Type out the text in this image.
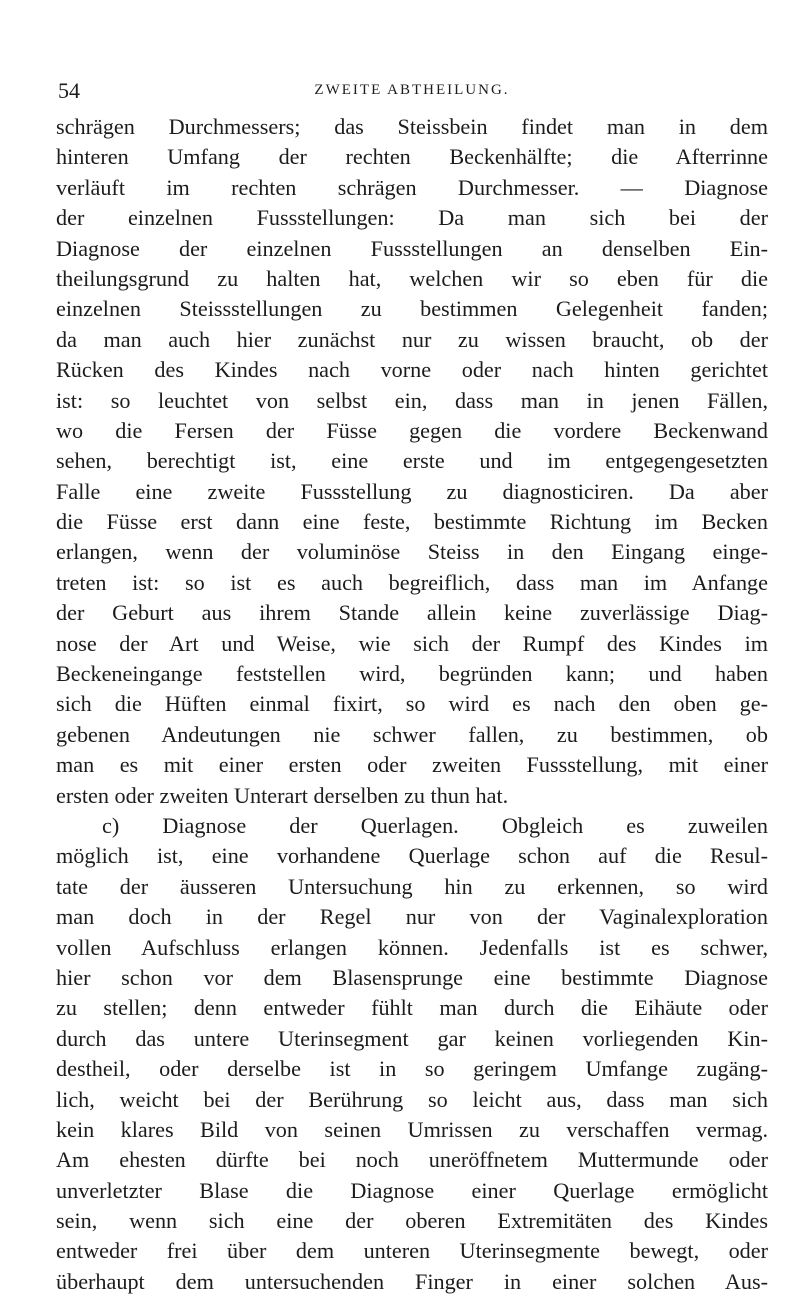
54	ZWEITE ABTHEILUNG.
schrägen Durchmessers; das Steissbein findet man in dem
hinteren Umfang der rechten Beckenhälfte; die Afterrinne
verläuft im rechten schrägen Durchmesser. — Diagnose
der einzelnen Fussstellungen: Da man sich bei der
Diagnose der einzelnen Fussstellungen an denselben Ein-
theilungsgrund zu halten hat, welchen wir so eben für die
einzelnen Steissstellungen zu bestimmen Gelegenheit fanden;
da man auch hier zunächst nur zu wissen braucht, ob der
Rücken des Kindes nach vorne oder nach hinten gerichtet
ist: so leuchtet von selbst ein, dass man in jenen Fällen,
wo die Fersen der Füsse gegen die vordere Beckenwand
sehen, berechtigt ist, eine erste und im entgegengesetzten
Falle eine zweite Fussstellung zu diagnosticiren. Da aber
die Füsse erst dann eine feste, bestimmte Richtung im Becken
erlangen, wenn der voluminöse Steiss in den Eingang einge-
treten ist: so ist es auch begreiflich, dass man im Anfange
der Geburt aus ihrem Stande allein keine zuverlässige Diag-
nose der Art und Weise, wie sich der Rumpf des Kindes im
Beckeneingange feststellen wird, begründen kann; und haben
sich die Hüften einmal fixirt, so wird es nach den oben ge-
gebenen Andeutungen nie schwer fallen, zu bestimmen, ob
man es mit einer ersten oder zweiten Fussstellung, mit einer
ersten oder zweiten Unterart derselben zu thun hat.
c) Diagnose der Querlagen. Obgleich es zuweilen
möglich ist, eine vorhandene Querlage schon auf die Resul-
tate der äusseren Untersuchung hin zu erkennen, so wird
man doch in der Regel nur von der Vaginalexploration
vollen Aufschluss erlangen können. Jedenfalls ist es schwer,
hier schon vor dem Blasensprunge eine bestimmte Diagnose
zu stellen; denn entweder fühlt man durch die Eihäute oder
durch das untere Uterinsegment gar keinen vorliegenden Kin-
destheil, oder derselbe ist in so geringem Umfange zugäng-
lich, weicht bei der Berührung so leicht aus, dass man sich
kein klares Bild von seinen Umrissen zu verschaffen vermag.
Am ehesten dürfte bei noch uneröffnetem Muttermunde oder
unverletzter Blase die Diagnose einer Querlage ermöglicht
sein, wenn sich eine der oberen Extremitäten des Kindes
entweder frei über dem unteren Uterinsegmente bewegt, oder
überhaupt dem untersuchenden Finger in einer solchen Aus-
